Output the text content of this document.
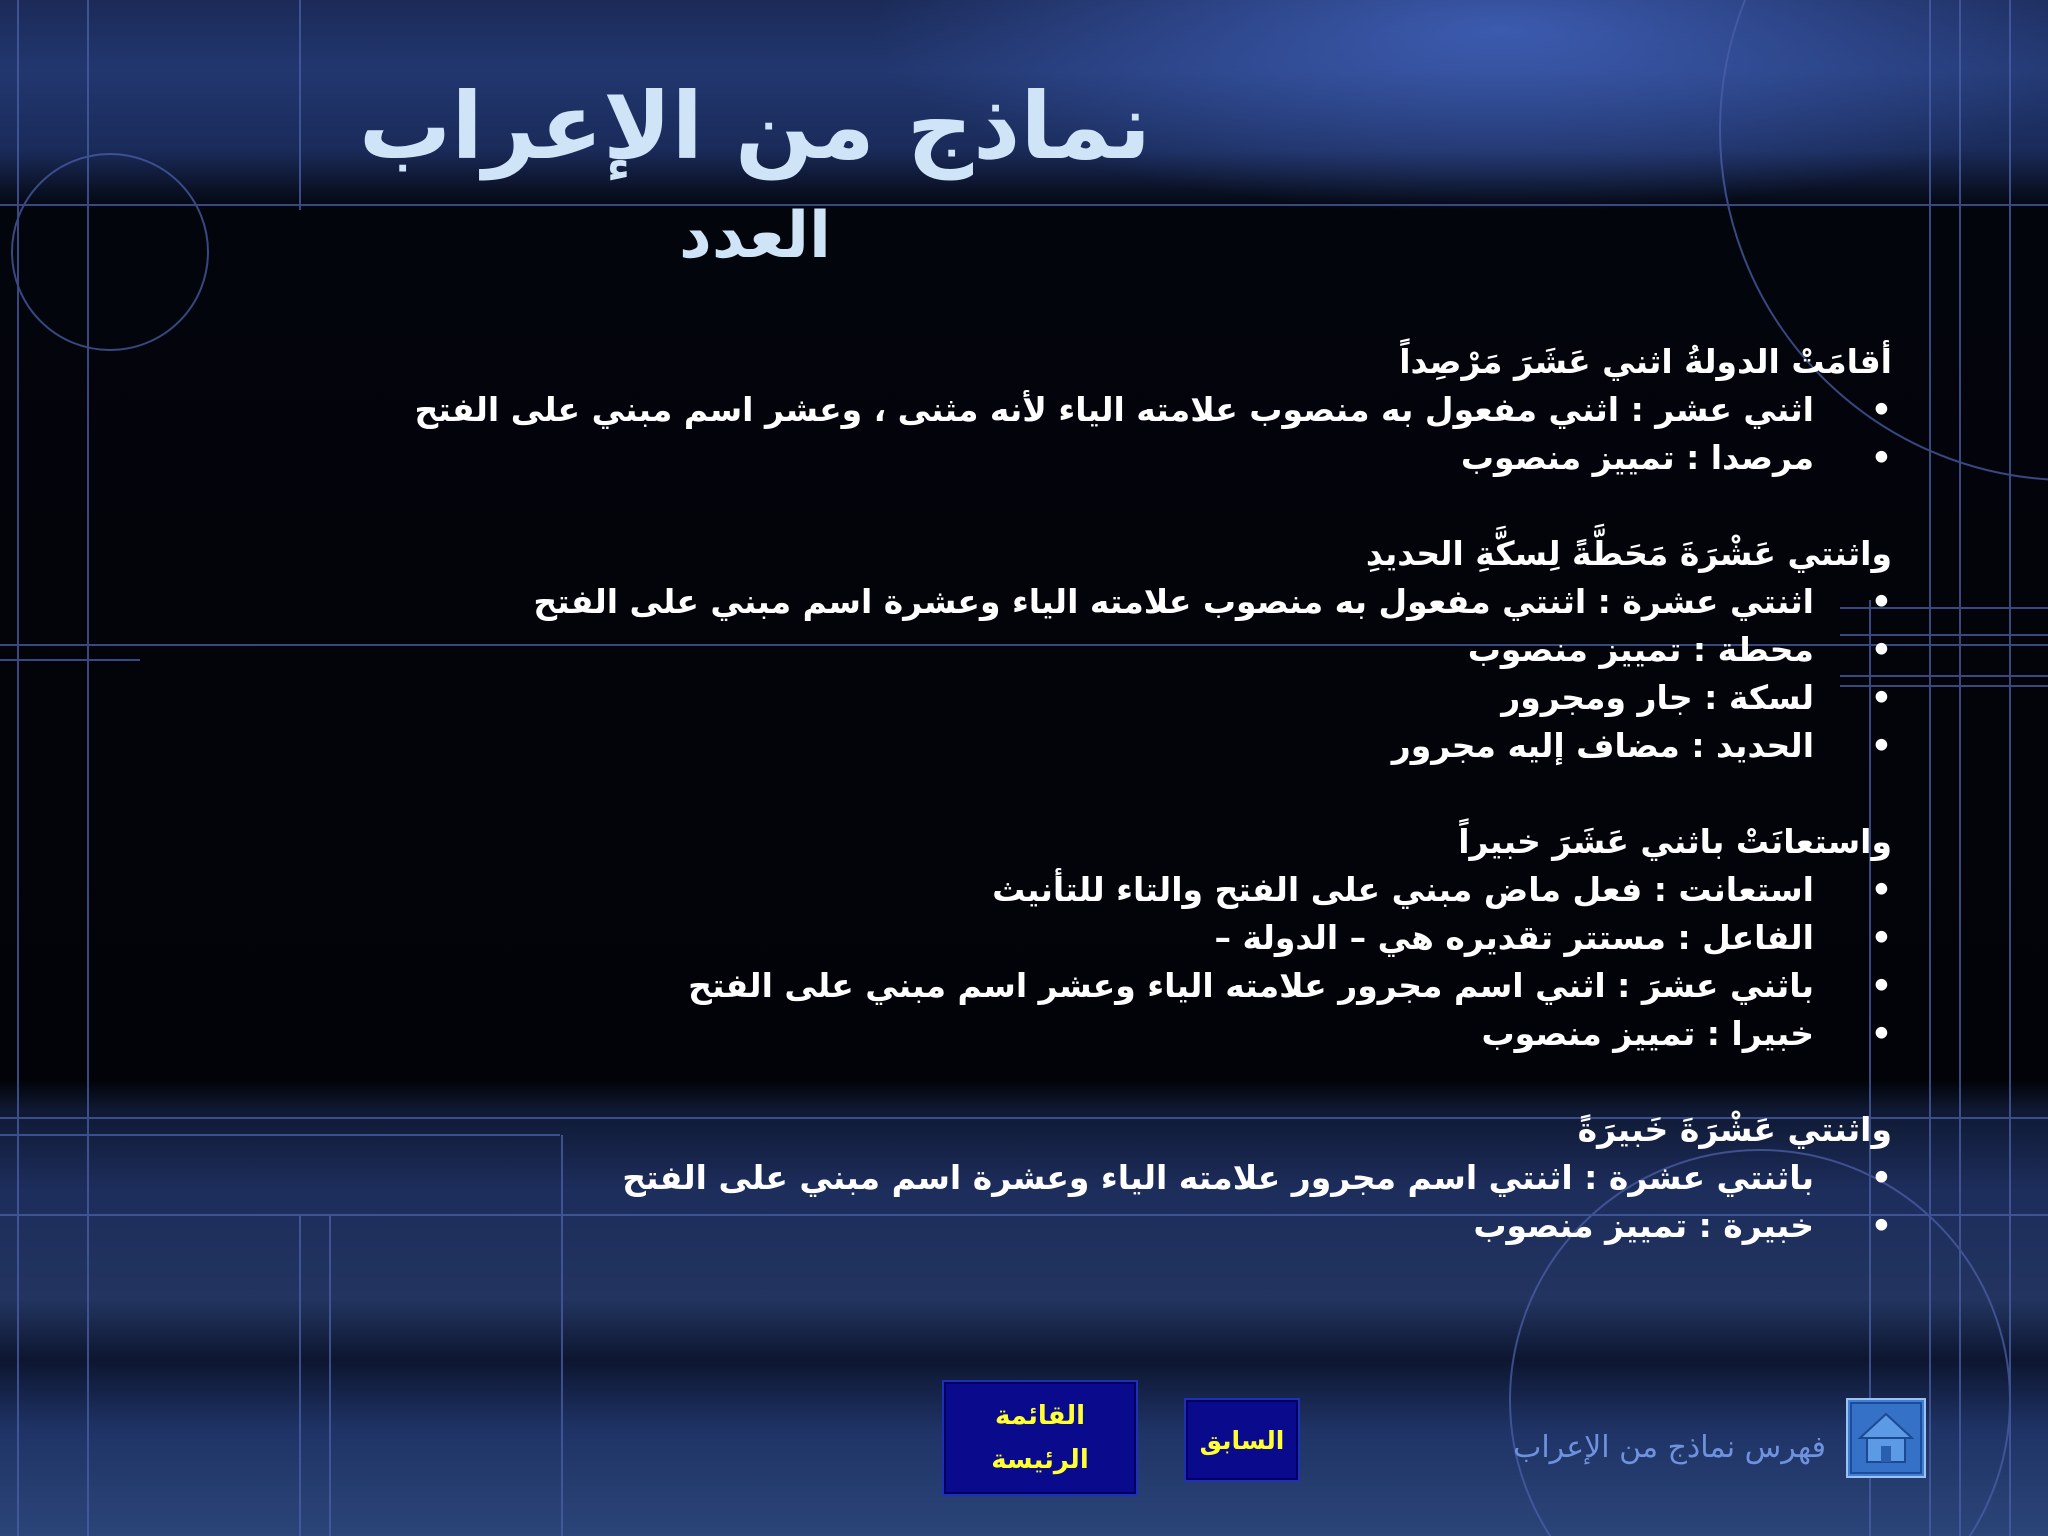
نماذج من الإعراب
العدد
أقامَتْ الدولةُ اثني عَشَرَ مَرْصِداً
•
اثني عشر : اثني مفعول به منصوب علامته الياء لأنه مثنى ، وعشر اسم مبني على الفتح
•
مرصدا : تمييز منصوب
واثنتي عَشْرَةَ مَحَطَّةً لِسكَّةِ الحديدِ
•
اثنتي عشرة : اثنتي مفعول به منصوب علامته الياء وعشرة اسم مبني على الفتح
•
محطة : تمييز منصوب
•
لسكة : جار ومجرور
•
الحديد : مضاف إليه مجرور
واستعانَتْ باثني عَشَرَ خبيراً
•
استعانت : فعل ماض مبني على الفتح والتاء للتأنيث
•
الفاعل : مستتر تقديره هي – الدولة –
•
باثني عشرَ : اثني اسم مجرور علامته الياء وعشر اسم مبني على الفتح
•
خبيرا : تمييز منصوب
واثنتي عَشْرَةَ خَبيرَةً
•
باثنتي عشرة : اثنتي اسم مجرور علامته الياء وعشرة اسم مبني على الفتح
•
خبيرة : تمييز منصوب
القائمة
الرئيسة
السابق	فهرس نماذج من الإعراب
